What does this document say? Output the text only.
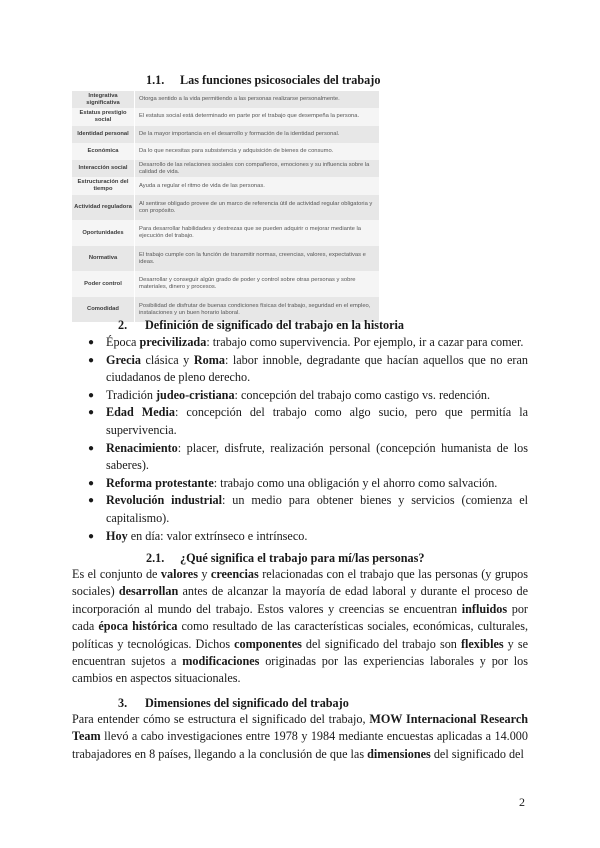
1.1. Las funciones psicosociales del trabajo
Integrativa significativa	Otorga sentido a la vida permitiendo a las personas realizarse personalmente.
Estatus prestigio social	El estatus social está determinado en parte por el trabajo que desempeña la persona.
Identidad personal	De la mayor importancia en el desarrollo y formación de la identidad personal.
Económica	Da lo que necesitas para subsistencia y adquisición de bienes de consumo.
Interacción social	Desarrollo de las relaciones sociales con compañeros, emociones y su influencia sobre la calidad de vida.
Estructuración del tiempo	Ayuda a regular el ritmo de vida de las personas.
Actividad reguladora	Al sentirse obligado provee de un marco de referencia útil de actividad regular obligatoria y con propósito.
Oportunidades	Para desarrollar habilidades y destrezas que se pueden adquirir o mejorar mediante la ejecución del trabajo.
Normativa	El trabajo cumple con la función de transmitir normas, creencias, valores, expectativas e ideas.
Poder control	Desarrollar y conseguir algún grado de poder y control sobre otras personas y sobre materiales, dinero y procesos.
Comodidad	Posibilidad de disfrutar de buenas condiciones físicas del trabajo, seguridad en el empleo, instalaciones y un buen horario laboral.
2. Definición de significado del trabajo en la historia
● Época precivilizada: trabajo como supervivencia. Por ejemplo, ir a cazar para comer.
● Grecia clásica y Roma: labor innoble, degradante que hacían aquellos que no eran ciudadanos de pleno derecho.
● Tradición judeo-cristiana: concepción del trabajo como castigo vs. redención.
● Edad Media: concepción del trabajo como algo sucio, pero que permitía la supervivencia.
● Renacimiento: placer, disfrute, realización personal (concepción humanista de los saberes).
● Reforma protestante: trabajo como una obligación y el ahorro como salvación.
● Revolución industrial: un medio para obtener bienes y servicios (comienza el capitalismo).
● Hoy en día: valor extrínseco e intrínseco.
2.1. ¿Qué significa el trabajo para mí/las personas?

Es el conjunto de valores y creencias relacionadas con el trabajo que las personas (y grupos sociales) desarrollan antes de alcanzar la mayoría de edad laboral y durante el proceso de incorporación al mundo del trabajo. Estos valores y creencias se encuentran influidos por cada época histórica como resultado de las características sociales, económicas, culturales, políticas y tecnológicas. Dichos componentes del significado del trabajo son flexibles y se encuentran sujetos a modificaciones originadas por las experiencias laborales y por los cambios en aspectos situacionales.

3. Dimensiones del significado del trabajo

Para entender cómo se estructura el significado del trabajo, MOW Internacional Research Team llevó a cabo investigaciones entre 1978 y 1984 mediante encuestas aplicadas a 14.000 trabajadores en 8 países, llegando a la conclusión de que las dimensiones del significado del

2
